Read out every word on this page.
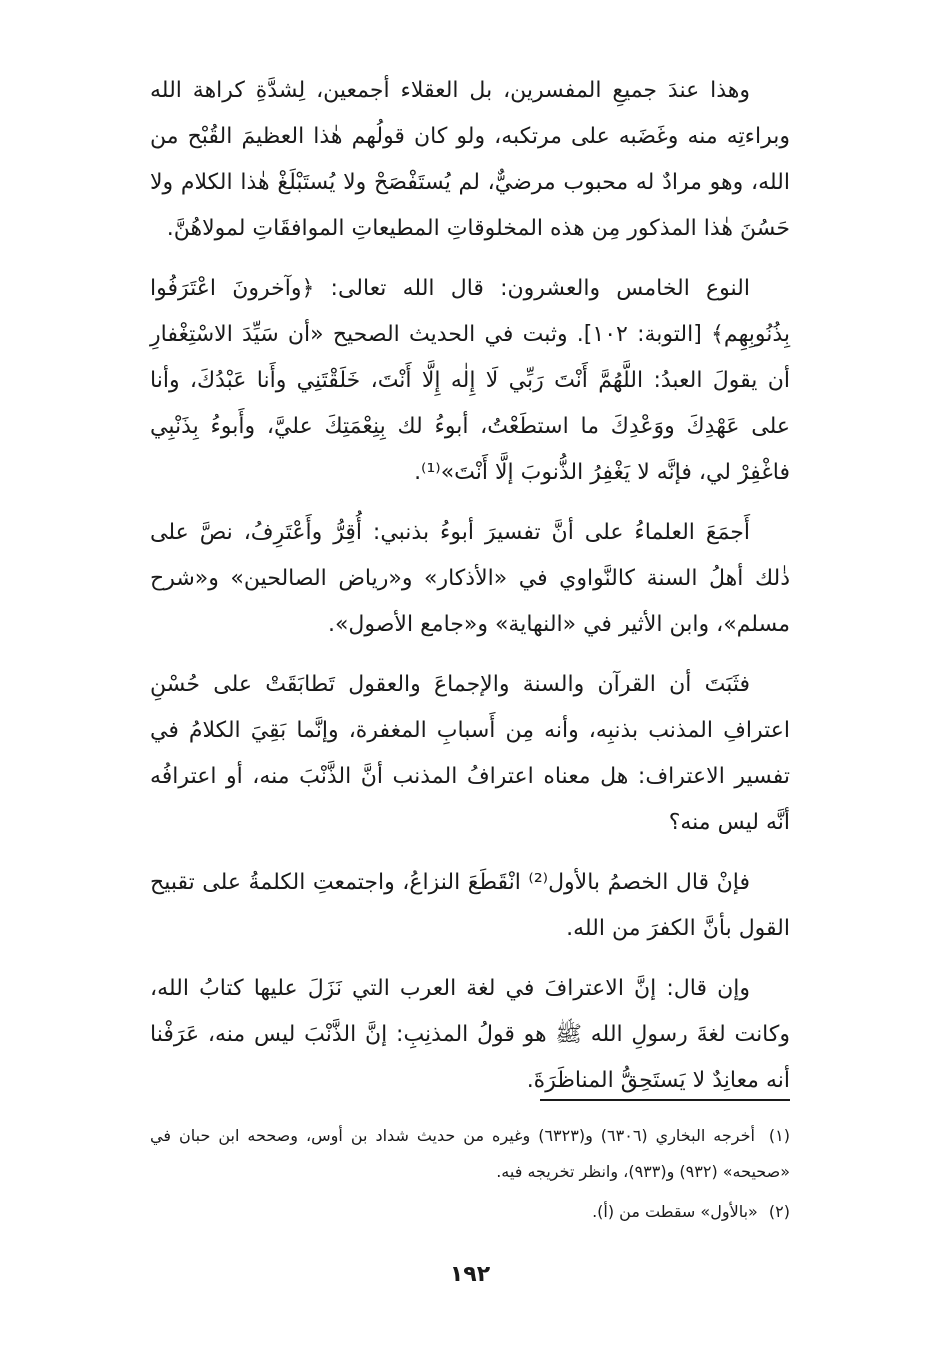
وهذا عندَ جميعِ المفسرين، بل العقلاء أجمعين، لِشدَّةِ كراهة الله وبراءتِه منه وغَضَبه على مرتكبه، ولو كان قولُهم هٰذا العظيمَ القُبْح من الله، وهو مرادٌ له محبوب مرضيٌّ، لم يُستَفْصَحْ ولا يُستَبْلَغْ هٰذا الكلام ولا حَسُنَ هٰذا المذكور مِن هذه المخلوقاتِ المطيعاتِ الموافقَاتِ لمولاهُنَّ.

النوع الخامس والعشرون: قال الله تعالى: ﴿وآخرونَ اعْتَرَفُوا بِذُنُوبِهِم﴾ [التوبة: ١٠٢]. وثبت في الحديث الصحيح «أن سَيِّدَ الاسْتِغْفارِ أن يقولَ العبدُ: اللَّهُمَّ أَنْتَ رَبِّي لَا إِلٰه إِلَّا أَنْتَ، خَلَقْتَنِي وأَنا عَبْدُكَ، وأنا على عَهْدِكَ ووَعْدِكَ ما استطَعْتُ، أبوءُ لك بِنِعْمَتِكَ عليَّ، وأَبوءُ بِذَنْبِي فاغْفِرْ لي، فإنَّه لا يَغْفِرُ الذُّنوبَ إلَّا أَنْتَ»⁽¹⁾.

أَجمَعَ العلماءُ على أنَّ تفسيرَ أبوءُ بذنبي: أُقِرُّ وأَعْتَرِفُ، نصَّ على ذٰلك أهلُ السنة كالنَّواوي في «الأذكار» و«رياض الصالحين» و«شرح مسلم»، وابن الأثير في «النهاية» و«جامع الأصول».

فثَبَتَ أن القرآن والسنة والإجماعَ والعقول تَطابَقَتْ على حُسْنِ اعترافِ المذنب بذنبِه، وأنه مِن أَسبابِ المغفرة، وإنَّما بَقِيَ الكلامُ في تفسير الاعتراف: هل معناه اعترافُ المذنب أنَّ الذَّنْبَ منه، أو اعترافُه أنَّه ليس منه؟

فإنْ قال الخصمُ بالأول⁽²⁾ انْقَطَعَ النزاعُ، واجتمعتِ الكلمةُ على تقبيح القول بأنَّ الكفرَ من الله.

وإن قال: إنَّ الاعترافَ في لغة العرب التي نَزَلَ عليها كتابُ الله، وكانت لغةَ رسولِ الله ﷺ هو قولُ المذنِبِ: إنَّ الذَّنْبَ ليس منه، عَرَفْنا أنه معانِدٌ لا يَستَحِقُّ المناظَرَةَ.

(١) أخرجه البخاري (٦٣٠٦) و(٦٣٢٣) وغيره من حديث شداد بن أوس، وصححه ابن حبان في «صحيحه» (٩٣٢) و(٩٣٣)، وانظر تخريجه فيه.

(٢) «بالأول» سقطت من (أ).

١٩٢
